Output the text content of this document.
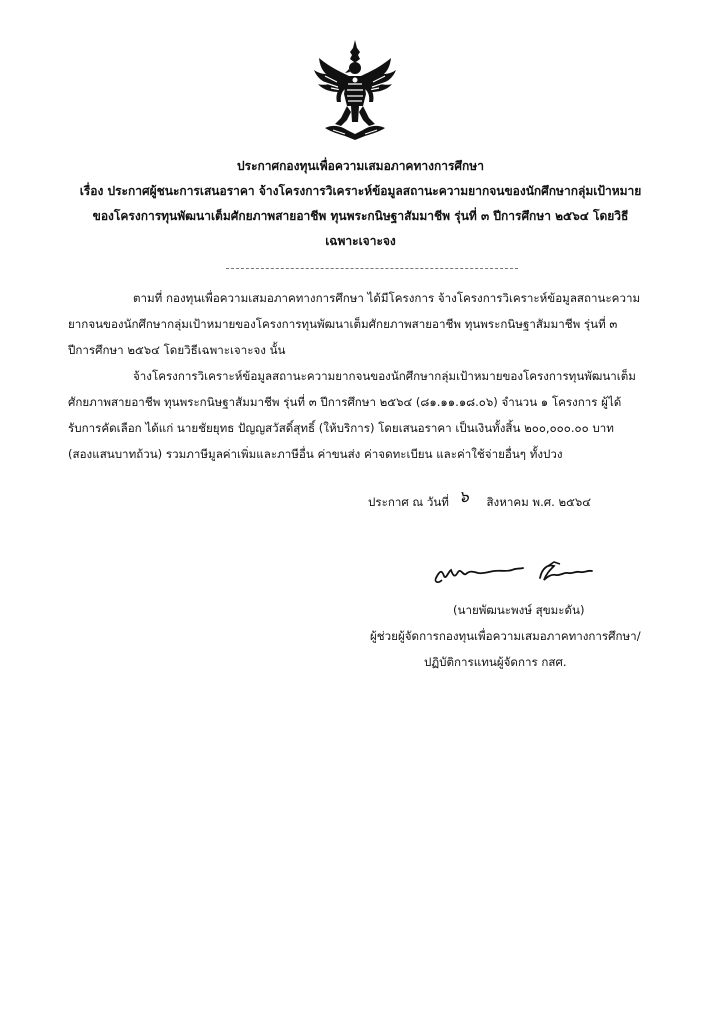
ประกาศกองทุนเพื่อความเสมอภาคทางการศึกษา

เรื่อง ประกาศผู้ชนะการเสนอราคา จ้างโครงการวิเคราะห์ข้อมูลสถานะความยากจนของนักศึกษากลุ่มเป้าหมาย

ของโครงการทุนพัฒนาเต็มศักยภาพสายอาชีพ ทุนพระกนิษฐาสัมมาชีพ รุ่นที่ ๓ ปีการศึกษา ๒๕๖๔ โดยวิธี

เฉพาะเจาะจง

ตามที่ กองทุนเพื่อความเสมอภาคทางการศึกษา ได้มีโครงการ จ้างโครงการวิเคราะห์ข้อมูลสถานะความ

ยากจนของนักศึกษากลุ่มเป้าหมายของโครงการทุนพัฒนาเต็มศักยภาพสายอาชีพ ทุนพระกนิษฐาสัมมาชีพ รุ่นที่ ๓

ปีการศึกษา ๒๕๖๔ โดยวิธีเฉพาะเจาะจง นั้น

จ้างโครงการวิเคราะห์ข้อมูลสถานะความยากจนของนักศึกษากลุ่มเป้าหมายของโครงการทุนพัฒนาเต็ม

ศักยภาพสายอาชีพ ทุนพระกนิษฐาสัมมาชีพ รุ่นที่ ๓ ปีการศึกษา ๒๕๖๔ (๘๑.๑๑.๑๘.๐๖) จำนวน ๑ โครงการ ผู้ได้

รับการคัดเลือก ได้แก่ นายชัยยุทธ ปัญญสวัสดิ์สุทธิ์ (ให้บริการ) โดยเสนอราคา เป็นเงินทั้งสิ้น ๒๐๐,๐๐๐.๐๐ บาท

(สองแสนบาทถ้วน) รวมภาษีมูลค่าเพิ่มและภาษีอื่น ค่าขนส่ง ค่าจดทะเบียน และค่าใช้จ่ายอื่นๆ ทั้งปวง

ประกาศ ณ วันที่ ๖ สิงหาคม พ.ศ. ๒๕๖๔

(นายพัฒนะพงษ์ สุขมะดัน)

ผู้ช่วยผู้จัดการกองทุนเพื่อความเสมอภาคทางการศึกษา/

ปฏิบัติการแทนผู้จัดการ กสศ.
